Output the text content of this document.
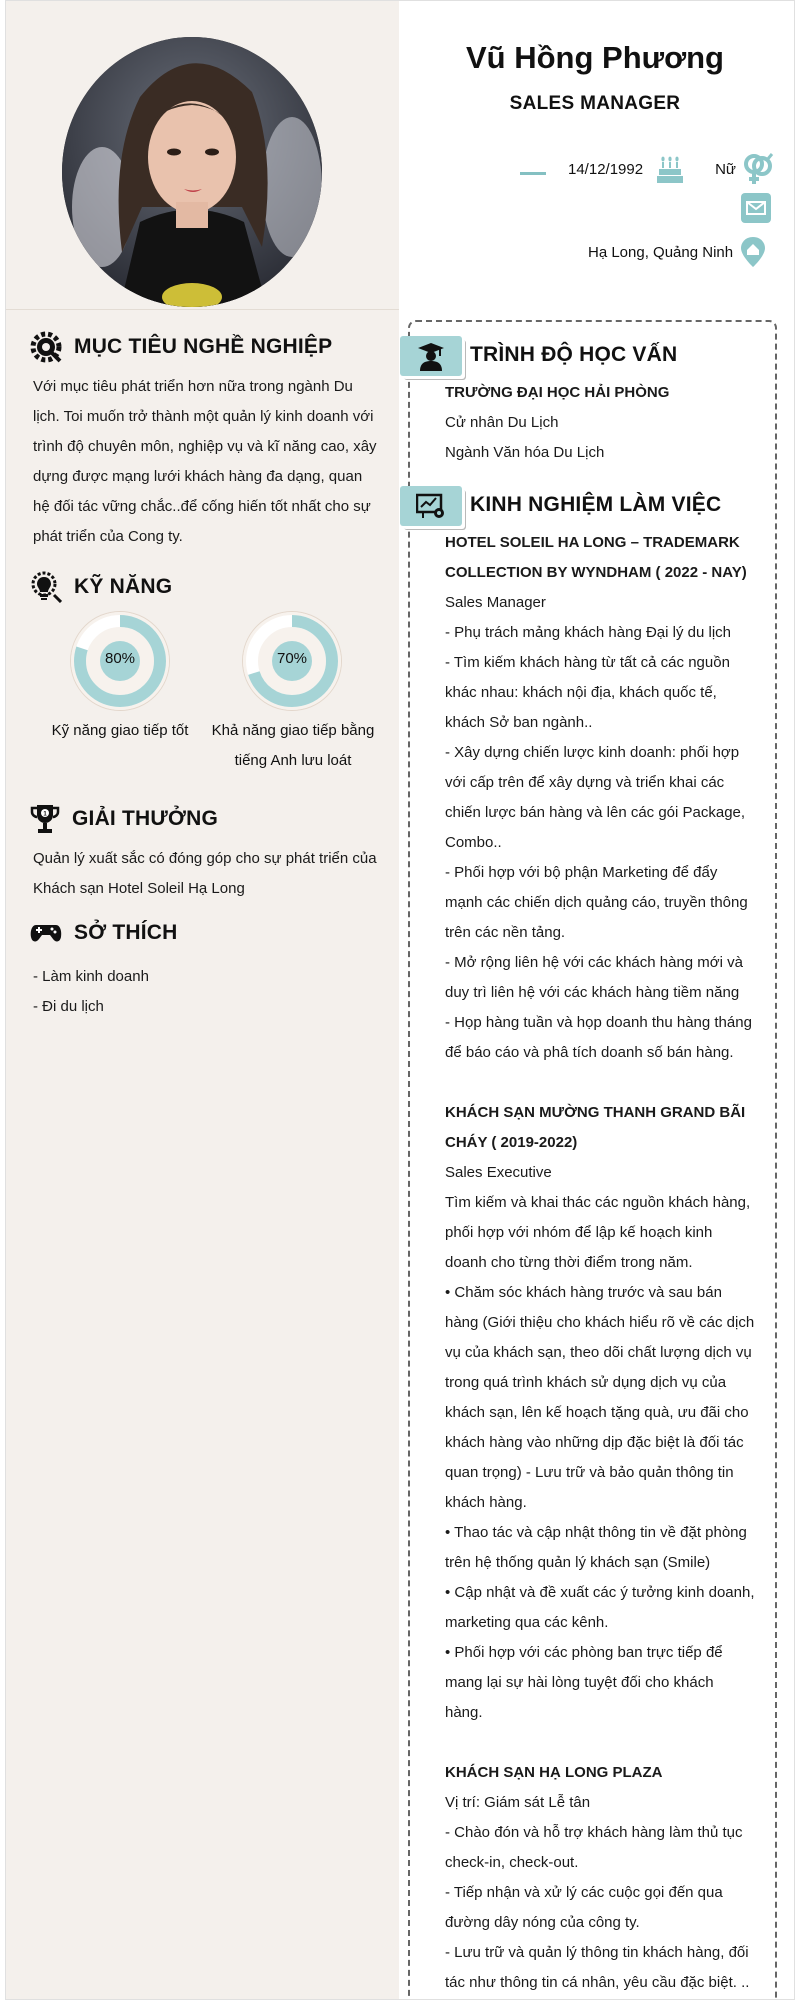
Vũ Hồng Phương
SALES MANAGER
14/12/1992	Nữ
Hạ Long, Quảng Ninh
MỤC TIÊU NGHỀ NGHIỆP
Với mục tiêu phát triển hơn nữa trong ngành Du
lịch. Toi muốn trở thành một quản lý kinh doanh với
trình độ chuyên môn, nghiệp vụ và kĩ năng cao, xây
dựng được mạng lưới khách hàng đa dạng, quan
hệ đối tác vững chắc..để cống hiến tốt nhất cho sự
phát triển của Cong ty.
KỸ NĂNG
80%
Kỹ năng giao tiếp tốt
70%
Khả năng giao tiếp bằng
tiếng Anh lưu loát
1 GIẢI THƯỞNG
Quản lý xuất sắc có đóng góp cho sự phát triển của
Khách sạn Hotel Soleil Hạ Long
SỞ THÍCH
- Làm kinh doanh
- Đi du lịch
TRÌNH ĐỘ HỌC VẤN
TRƯỜNG ĐẠI HỌC HẢI PHÒNG
Cử nhân Du Lịch
Ngành Văn hóa Du Lịch
KINH NGHIỆM LÀM VIỆC
HOTEL SOLEIL HA LONG – TRADEMARK
COLLECTION BY WYNDHAM ( 2022 - NAY)
Sales Manager
- Phụ trách mảng khách hàng Đại lý du lịch
- Tìm kiếm khách hàng từ tất cả các nguồn
khác nhau: khách nội địa, khách quốc tế,
khách Sở ban ngành..
- Xây dựng chiến lược kinh doanh: phối hợp
với cấp trên để xây dựng và triển khai các
chiến lược bán hàng và lên các gói Package,
Combo..
- Phối hợp với bộ phận Marketing để đẩy
mạnh các chiến dịch quảng cáo, truyền thông
trên các nền tảng.
- Mở rộng liên hệ với các khách hàng mới và
duy trì liên hệ với các khách hàng tiềm năng
- Họp hàng tuần và họp doanh thu hàng tháng
để báo cáo và phâ tích doanh số bán hàng.
KHÁCH SẠN MƯỜNG THANH GRAND BÃI
CHÁY ( 2019-2022)
Sales Executive
Tìm kiếm và khai thác các nguồn khách hàng,
phối hợp với nhóm để lập kế hoạch kinh
doanh cho từng thời điểm trong năm.
• Chăm sóc khách hàng trước và sau bán
hàng (Giới thiệu cho khách hiểu rõ về các dịch
vụ của khách sạn, theo dõi chất lượng dịch vụ
trong quá trình khách sử dụng dịch vụ của
khách sạn, lên kế hoạch tặng quà, ưu đãi cho
khách hàng vào những dịp đặc biệt là đối tác
quan trọng) - Lưu trữ và bảo quản thông tin
khách hàng.
• Thao tác và cập nhật thông tin về đặt phòng
trên hệ thống quản lý khách sạn (Smile)
• Cập nhật và đề xuất các ý tưởng kinh doanh,
marketing qua các kênh.
• Phối hợp với các phòng ban trực tiếp để
mang lại sự hài lòng tuyệt đối cho khách
hàng.
KHÁCH SẠN HẠ LONG PLAZA
Vị trí: Giám sát Lễ tân
- Chào đón và hỗ trợ khách hàng làm thủ tục
check-in, check-out.
- Tiếp nhận và xử lý các cuộc gọi đến qua
đường dây nóng của công ty.
- Lưu trữ và quản lý thông tin khách hàng, đối
tác như thông tin cá nhân, yêu cầu đặc biệt. ..
